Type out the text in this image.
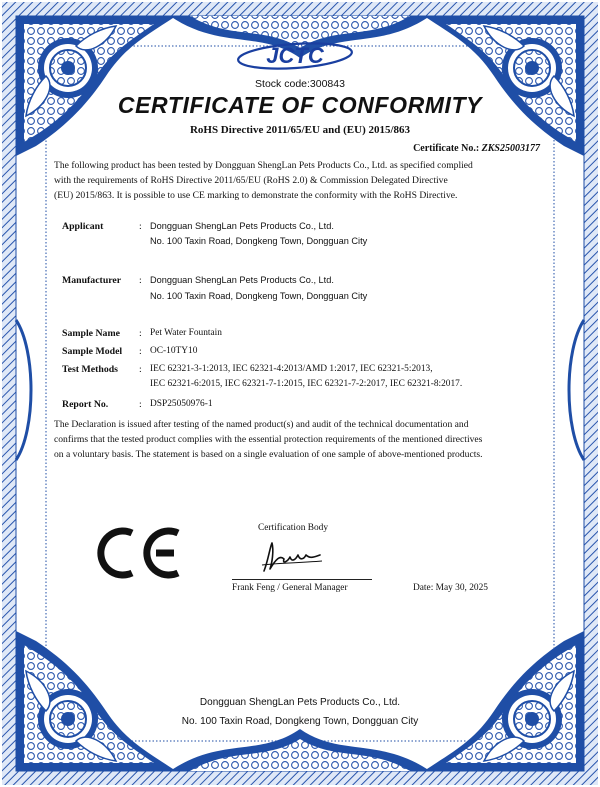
JCTC
Stock code:300843
CERTIFICATE OF CONFORMITY
RoHS Directive 2011/65/EU and (EU) 2015/863
Certificate No.: ZKS25003177
The following product has been tested by Dongguan ShengLan Pets Products Co., Ltd. as specified complied
with the requirements of RoHS Directive 2011/65/EU (RoHS 2.0) & Commission Delegated Directive
(EU) 2015/863. It is possible to use CE marking to demonstrate the conformity with the RoHS Directive.
Applicant	: Dongguan ShengLan Pets Products Co., Ltd.
No. 100 Taxin Road, Dongkeng Town, Dongguan City
Manufacturer : Dongguan ShengLan Pets Products Co., Ltd.
No. 100 Taxin Road, Dongkeng Town, Dongguan City
Sample Name : Pet Water Fountain
Sample Model : OC-10TY10
Test Methods : IEC 62321-3-1:2013, IEC 62321-4:2013/AMD 1:2017, IEC 62321-5:2013,
IEC 62321-6:2015, IEC 62321-7-1:2015, IEC 62321-7-2:2017, IEC 62321-8:2017.
Report No.	: DSP25050976-1
The Declaration is issued after testing of the named product(s) and audit of the technical documentation and
confirms that the tested product complies with the essential protection requirements of the mentioned directives
on a voluntary basis. The statement is based on a single evaluation of one sample of above-mentioned products.
Certification Body
Frank Feng / General Manager	Date: May 30, 2025
Dongguan ShengLan Pets Products Co., Ltd.
No. 100 Taxin Road, Dongkeng Town, Dongguan City
